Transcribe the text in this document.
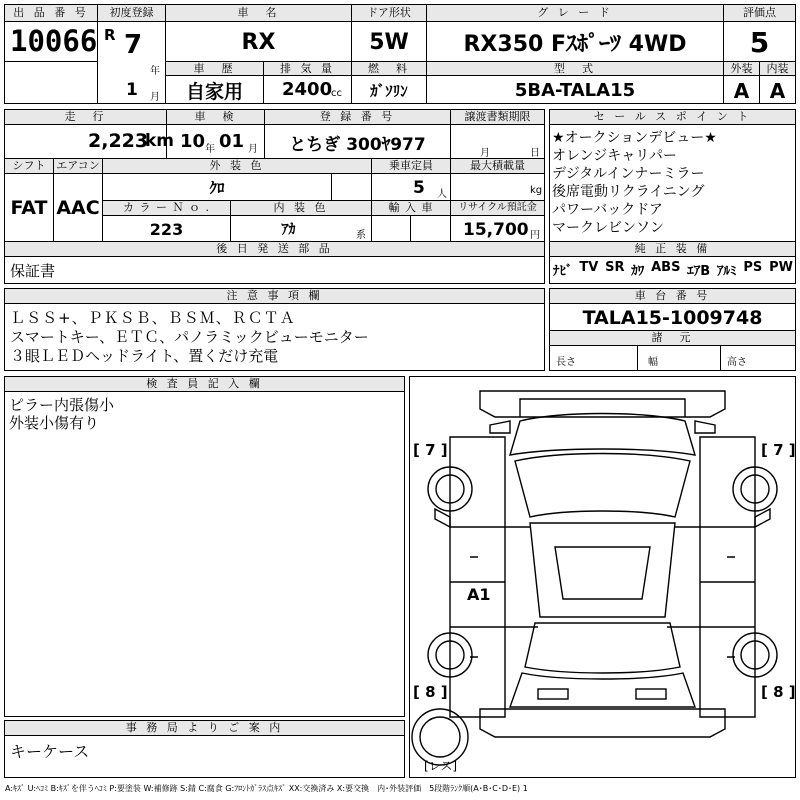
出 品 番 号
10066
初度登録
R 7
年
1 月
車　名
RX
ドア形状
5W
グ レ ー ド
RX350 Fｽﾎﾟｰﾂ 4WD
評価点
5
車　歴
自家用
排 気 量
2400
cc
燃　料
ｶﾞｿﾘﾝ
型　式
5BA-TALA15
外装	内装
A	A
走　行
2,223
km
車　検
10 年 01 月
登 録 番 号
とちぎ 300ﾔ977
譲渡書類期限
月	日
シフト エアコン
FAT AAC
外 装 色
ｸﾛ
乗車定員
5 人
最大積載量
kg
カ ラ ー Ｎ ｏ .
223
内 装 色
ｱｶ	系
輸 入 車	リサイクル預託金
15,700 円
後 日 発 送 部 品
保証書
セ ー ル ス ポ イ ン ト
★オークションデビュー★
オレンジキャリパー
デジタルインナーミラー
後席電動リクライニング
パワーバックドア
マークレビンソン
純 正 装 備
ﾅﾋﾞ TV SR ｶﾜ ABS ｴｱB ｱﾙﾐ PS PW
注 意 事 項 欄
ＬＳＳ+、ＰＫＳＢ、ＢＳＭ、ＲＣＴＡ
スマートキー、ＥＴＣ、パノラミックビューモニター
３眼ＬＥＤヘッドライト、置くだけ充電
車 台 番 号
TALA15-1009748
諸　元
長さ	幅	高さ
検 査 員 記 入 欄
ピラー内張傷小
外装小傷有り
事 務 局 よ り ご 案 内
キーケース
[ 7 ]	[ 7 ]
[ 8 ]	[ 8 ]
A1
[レス]
A:ｷｽﾞ U:ﾍｺﾐ B:ｷｽﾞを伴うﾍｺﾐ P:要塗装 W:補修跡 S:錆 C:腐食 G:ﾌﾛﾝﾄｶﾞﾗｽ点ｷｽﾞ XX:交換済み X:要交換　内･外装評価　5段階ﾗﾝｸ順(A･B･C･D･E) 1
